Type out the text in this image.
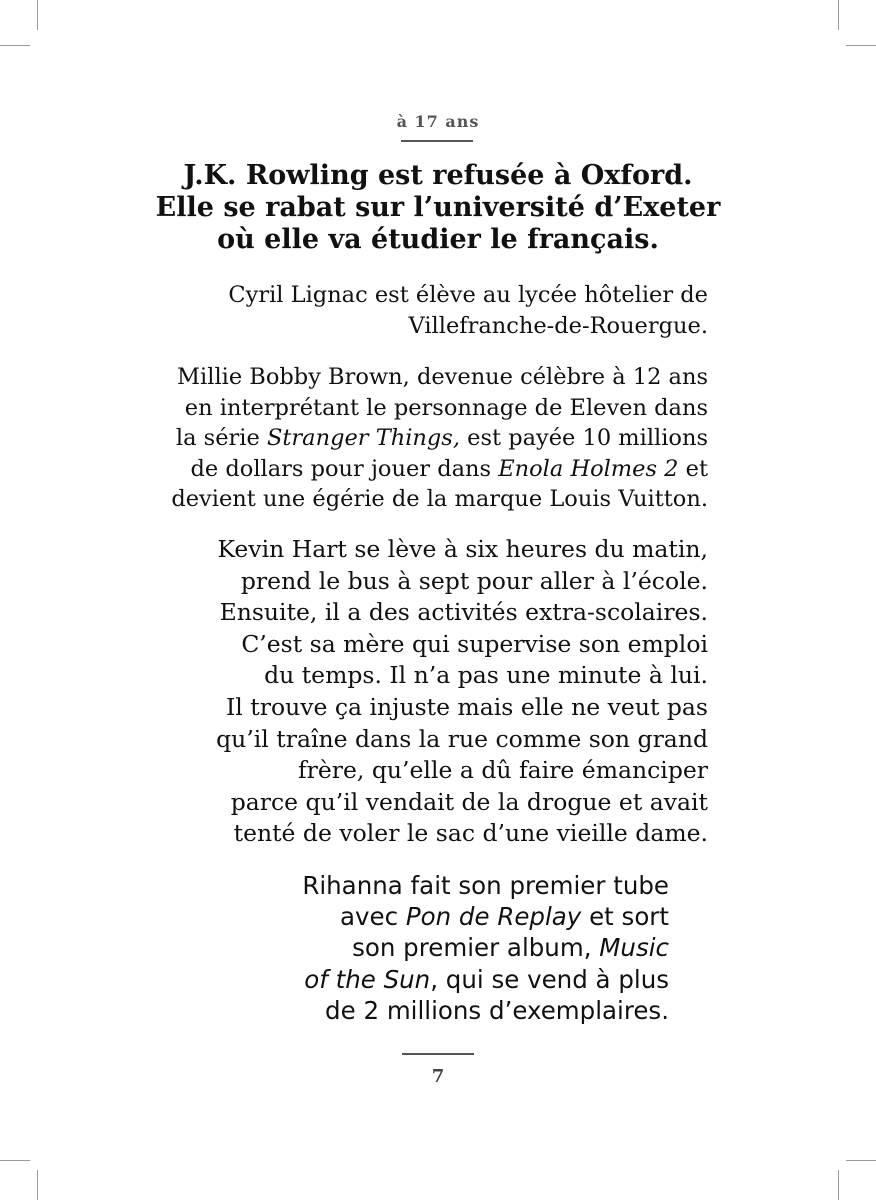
à 17 ans
J.K. Rowling est refusée à Oxford.
Elle se rabat sur l’université d’Exeter
où elle va étudier le français.
Cyril Lignac est élève au lycée hôtelier de
Villefranche-de-Rouergue.
Millie Bobby Brown, devenue célèbre à 12 ans
en interprétant le personnage de Eleven dans
la série Stranger Things, est payée 10 millions
de dollars pour jouer dans Enola Holmes 2 et
devient une égérie de la marque Louis Vuitton.
Kevin Hart se lève à six heures du matin,
prend le bus à sept pour aller à l’école.
Ensuite, il a des activités extra-scolaires.
C’est sa mère qui supervise son emploi
du temps. Il n’a pas une minute à lui.
Il trouve ça injuste mais elle ne veut pas
qu’il traîne dans la rue comme son grand
frère, qu’elle a dû faire émanciper
parce qu’il vendait de la drogue et avait
tenté de voler le sac d’une vieille dame.
Rihanna fait son premier tube
avec Pon de Replay et sort
son premier album, Music
of the Sun, qui se vend à plus
de 2 millions d’exemplaires.
7
